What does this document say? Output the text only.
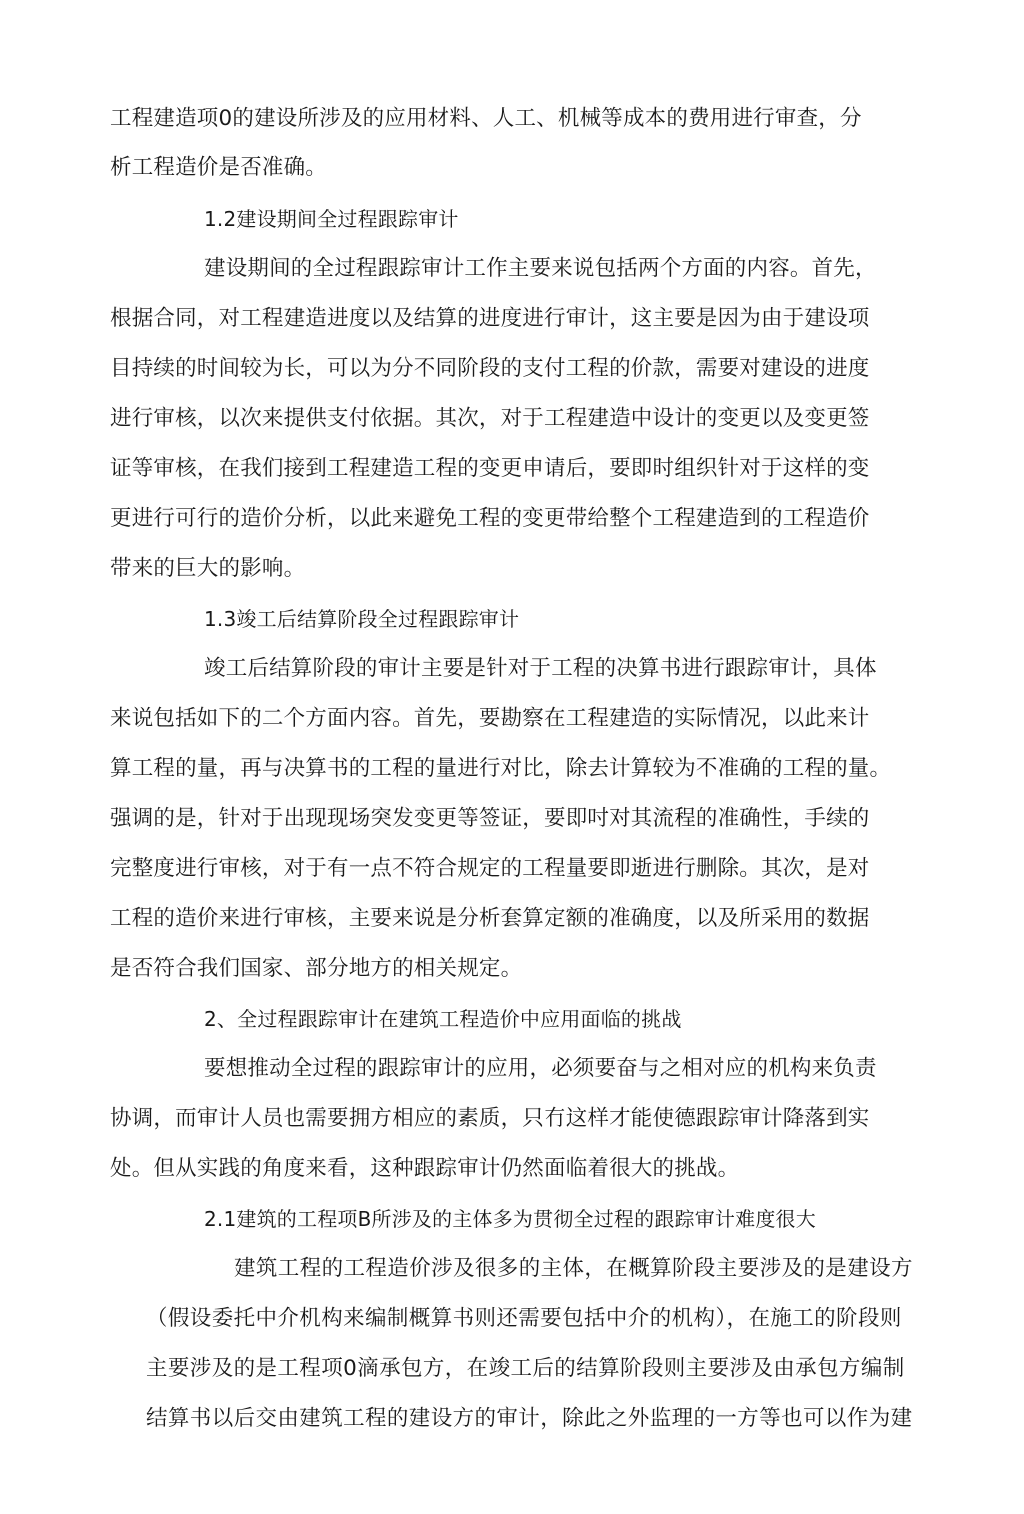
工程建造项0的建设所涉及的应用材料、人工、机械等成本的费用进行审查，分

析工程造价是否准确。

1.2建设期间全过程跟踪审计

建设期间的全过程跟踪审计工作主要来说包括两个方面的内容。首先，

根据合同，对工程建造进度以及结算的进度进行审计，这主要是因为由于建设项

目持续的时间较为长，可以为分不同阶段的支付工程的价款，需要对建设的进度

进行审核，以次来提供支付依据。其次，对于工程建造中设计的变更以及变更签

证等审核，在我们接到工程建造工程的变更申请后，要即时组织针对于这样的变

更进行可行的造价分析，以此来避免工程的变更带给整个工程建造到的工程造价

带来的巨大的影响。

1.3竣工后结算阶段全过程跟踪审计

竣工后结算阶段的审计主要是针对于工程的决算书进行跟踪审计，具体

来说包括如下的二个方面内容。首先，要勘察在工程建造的实际情况，以此来计

算工程的量，再与决算书的工程的量进行对比，除去计算较为不准确的工程的量。

强调的是，针对于出现现场突发变更等签证，要即吋对其流程的准确性，手续的

完整度进行审核，对于有一点不符合规定的工程量要即逝进行删除。其次，是对

工程的造价来进行审核，主要来说是分析套算定额的准确度，以及所采用的数据

是否符合我们国家、部分地方的相关规定。

2、全过程跟踪审计在建筑工程造价中应用面临的挑战

要想推动全过程的跟踪审计的应用，必须要奋与之相对应的机构来负责

协调，而审计人员也需要拥方相应的素质，只冇这样才能使德跟踪审计降落到实

处。但从实践的角度来看，这种跟踪审计仍然面临着很大的挑战。

2.1建筑的工程项B所涉及的主体多为贯彻全过程的跟踪审计难度很大

建筑工程的工程造价涉及很多的主体，在概算阶段主要涉及的是建设方

（假设委托中介机构来编制概算书则还需要包括中介的机构），在施工的阶段则

主要涉及的是工程项0滴承包方，在竣工后的结算阶段则主要涉及由承包方编制

结算书以后交由建筑工程的建设方的审计，除此之外监理的一方等也可以作为建
